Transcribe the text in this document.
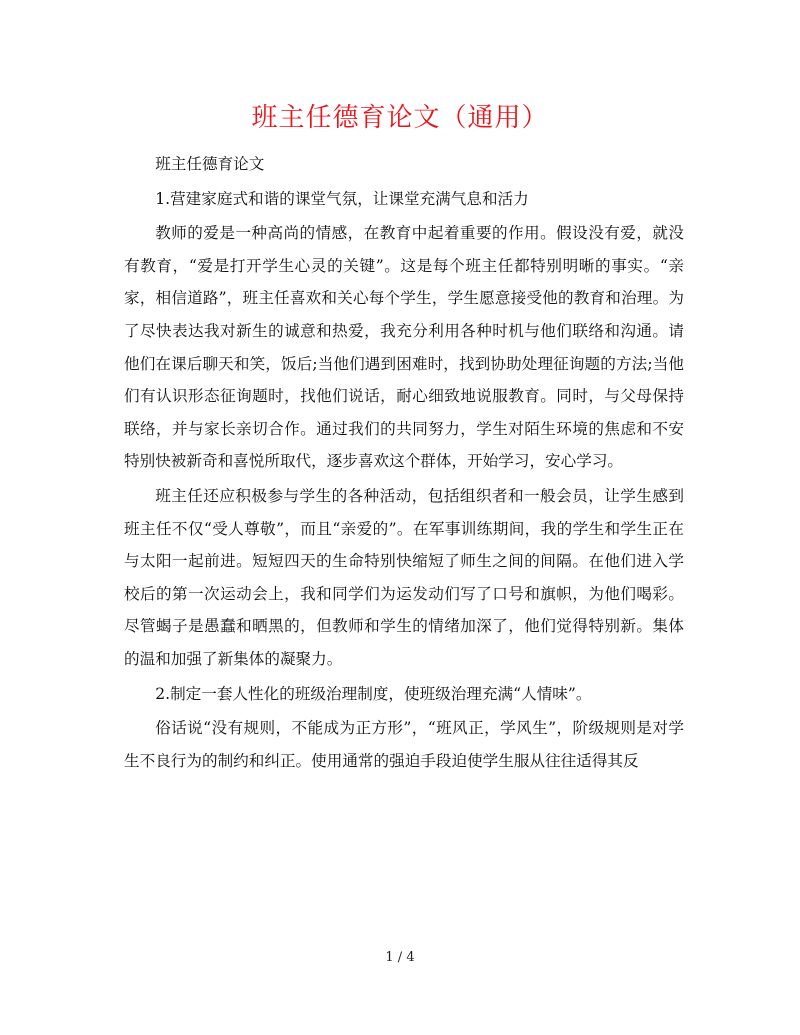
班主任德育论文（通用）

班主任德育论文

1.营建家庭式和谐的课堂气氛，让课堂充满气息和活力

教师的爱是一种高尚的情感，在教育中起着重要的作用。假设没有爱，就没有教育，“爱是打开学生心灵的关键”。这是每个班主任都特别明晰的事实。“亲家，相信道路”，班主任喜欢和关心每个学生，学生愿意接受他的教育和治理。为了尽快表达我对新生的诚意和热爱，我充分利用各种时机与他们联络和沟通。请他们在课后聊天和笑，饭后;当他们遇到困难时，找到协助处理征询题的方法;当他们有认识形态征询题时，找他们说话，耐心细致地说服教育。同时，与父母保持联络，并与家长亲切合作。通过我们的共同努力，学生对陌生环境的焦虑和不安特别快被新奇和喜悦所取代，逐步喜欢这个群体，开始学习，安心学习。

班主任还应积极参与学生的各种活动，包括组织者和一般会员，让学生感到班主任不仅“受人尊敬”，而且“亲爱的”。在军事训练期间，我的学生和学生正在与太阳一起前进。短短四天的生命特别快缩短了师生之间的间隔。在他们进入学校后的第一次运动会上，我和同学们为运发动们写了口号和旗帜，为他们喝彩。尽管蝎子是愚蠢和晒黑的，但教师和学生的情绪加深了，他们觉得特别新。集体的温和加强了新集体的凝聚力。

2.制定一套人性化的班级治理制度，使班级治理充满“人情味”。

俗话说“没有规则，不能成为正方形”，“班风正，学风生”，阶级规则是对学生不良行为的制约和纠正。使用通常的强迫手段迫使学生服从往往适得其反

1 / 4
